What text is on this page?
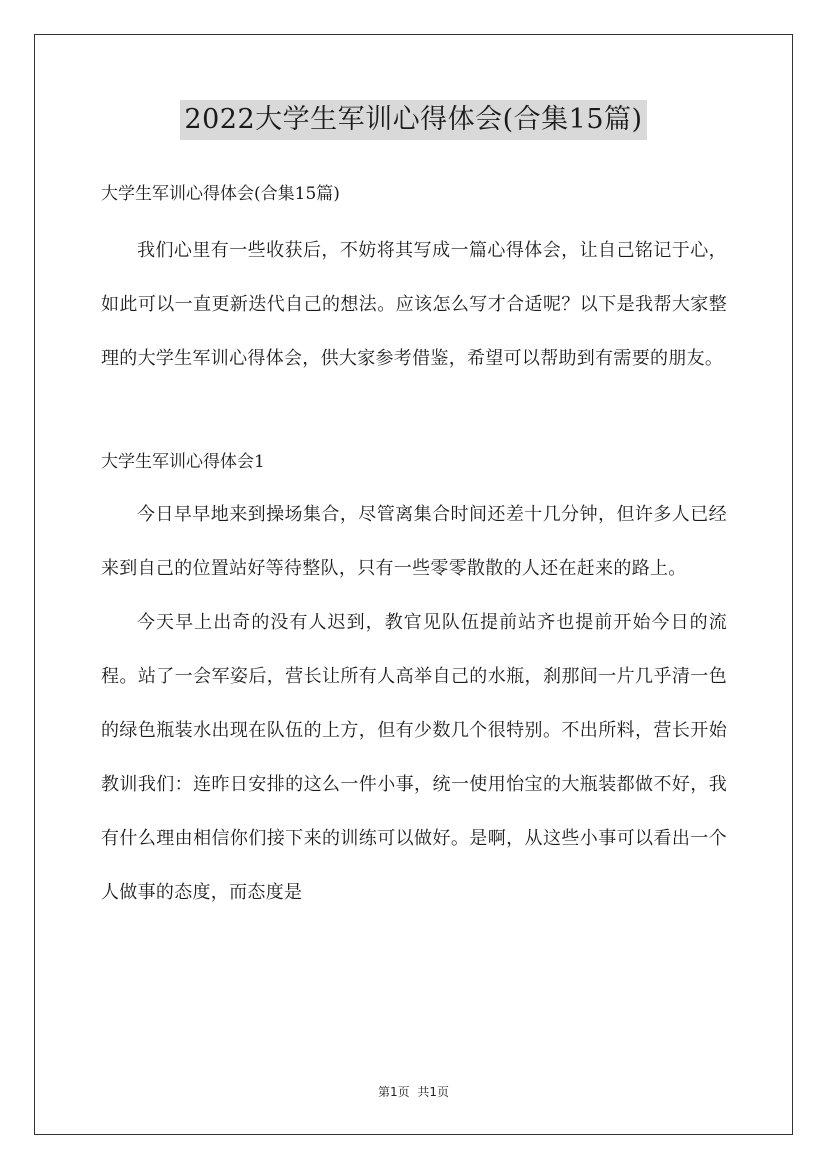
2022大学生军训心得体会(合集15篇)

大学生军训心得体会(合集15篇)

我们心里有一些收获后，不妨将其写成一篇心得体会，让自己铭记于心，如此可以一直更新迭代自己的想法。应该怎么写才合适呢？以下是我帮大家整理的大学生军训心得体会，供大家参考借鉴，希望可以帮助到有需要的朋友。

大学生军训心得体会1

今日早早地来到操场集合，尽管离集合时间还差十几分钟，但许多人已经来到自己的位置站好等待整队，只有一些零零散散的人还在赶来的路上。

今天早上出奇的没有人迟到，教官见队伍提前站齐也提前开始今日的流程。站了一会军姿后，营长让所有人高举自己的水瓶，刹那间一片几乎清一色的绿色瓶装水出现在队伍的上方，但有少数几个很特别。不出所料，营长开始教训我们：连昨日安排的这么一件小事，统一使用怡宝的大瓶装都做不好，我有什么理由相信你们接下来的训练可以做好。是啊，从这些小事可以看出一个人做事的态度，而态度是

第1页 共1页
